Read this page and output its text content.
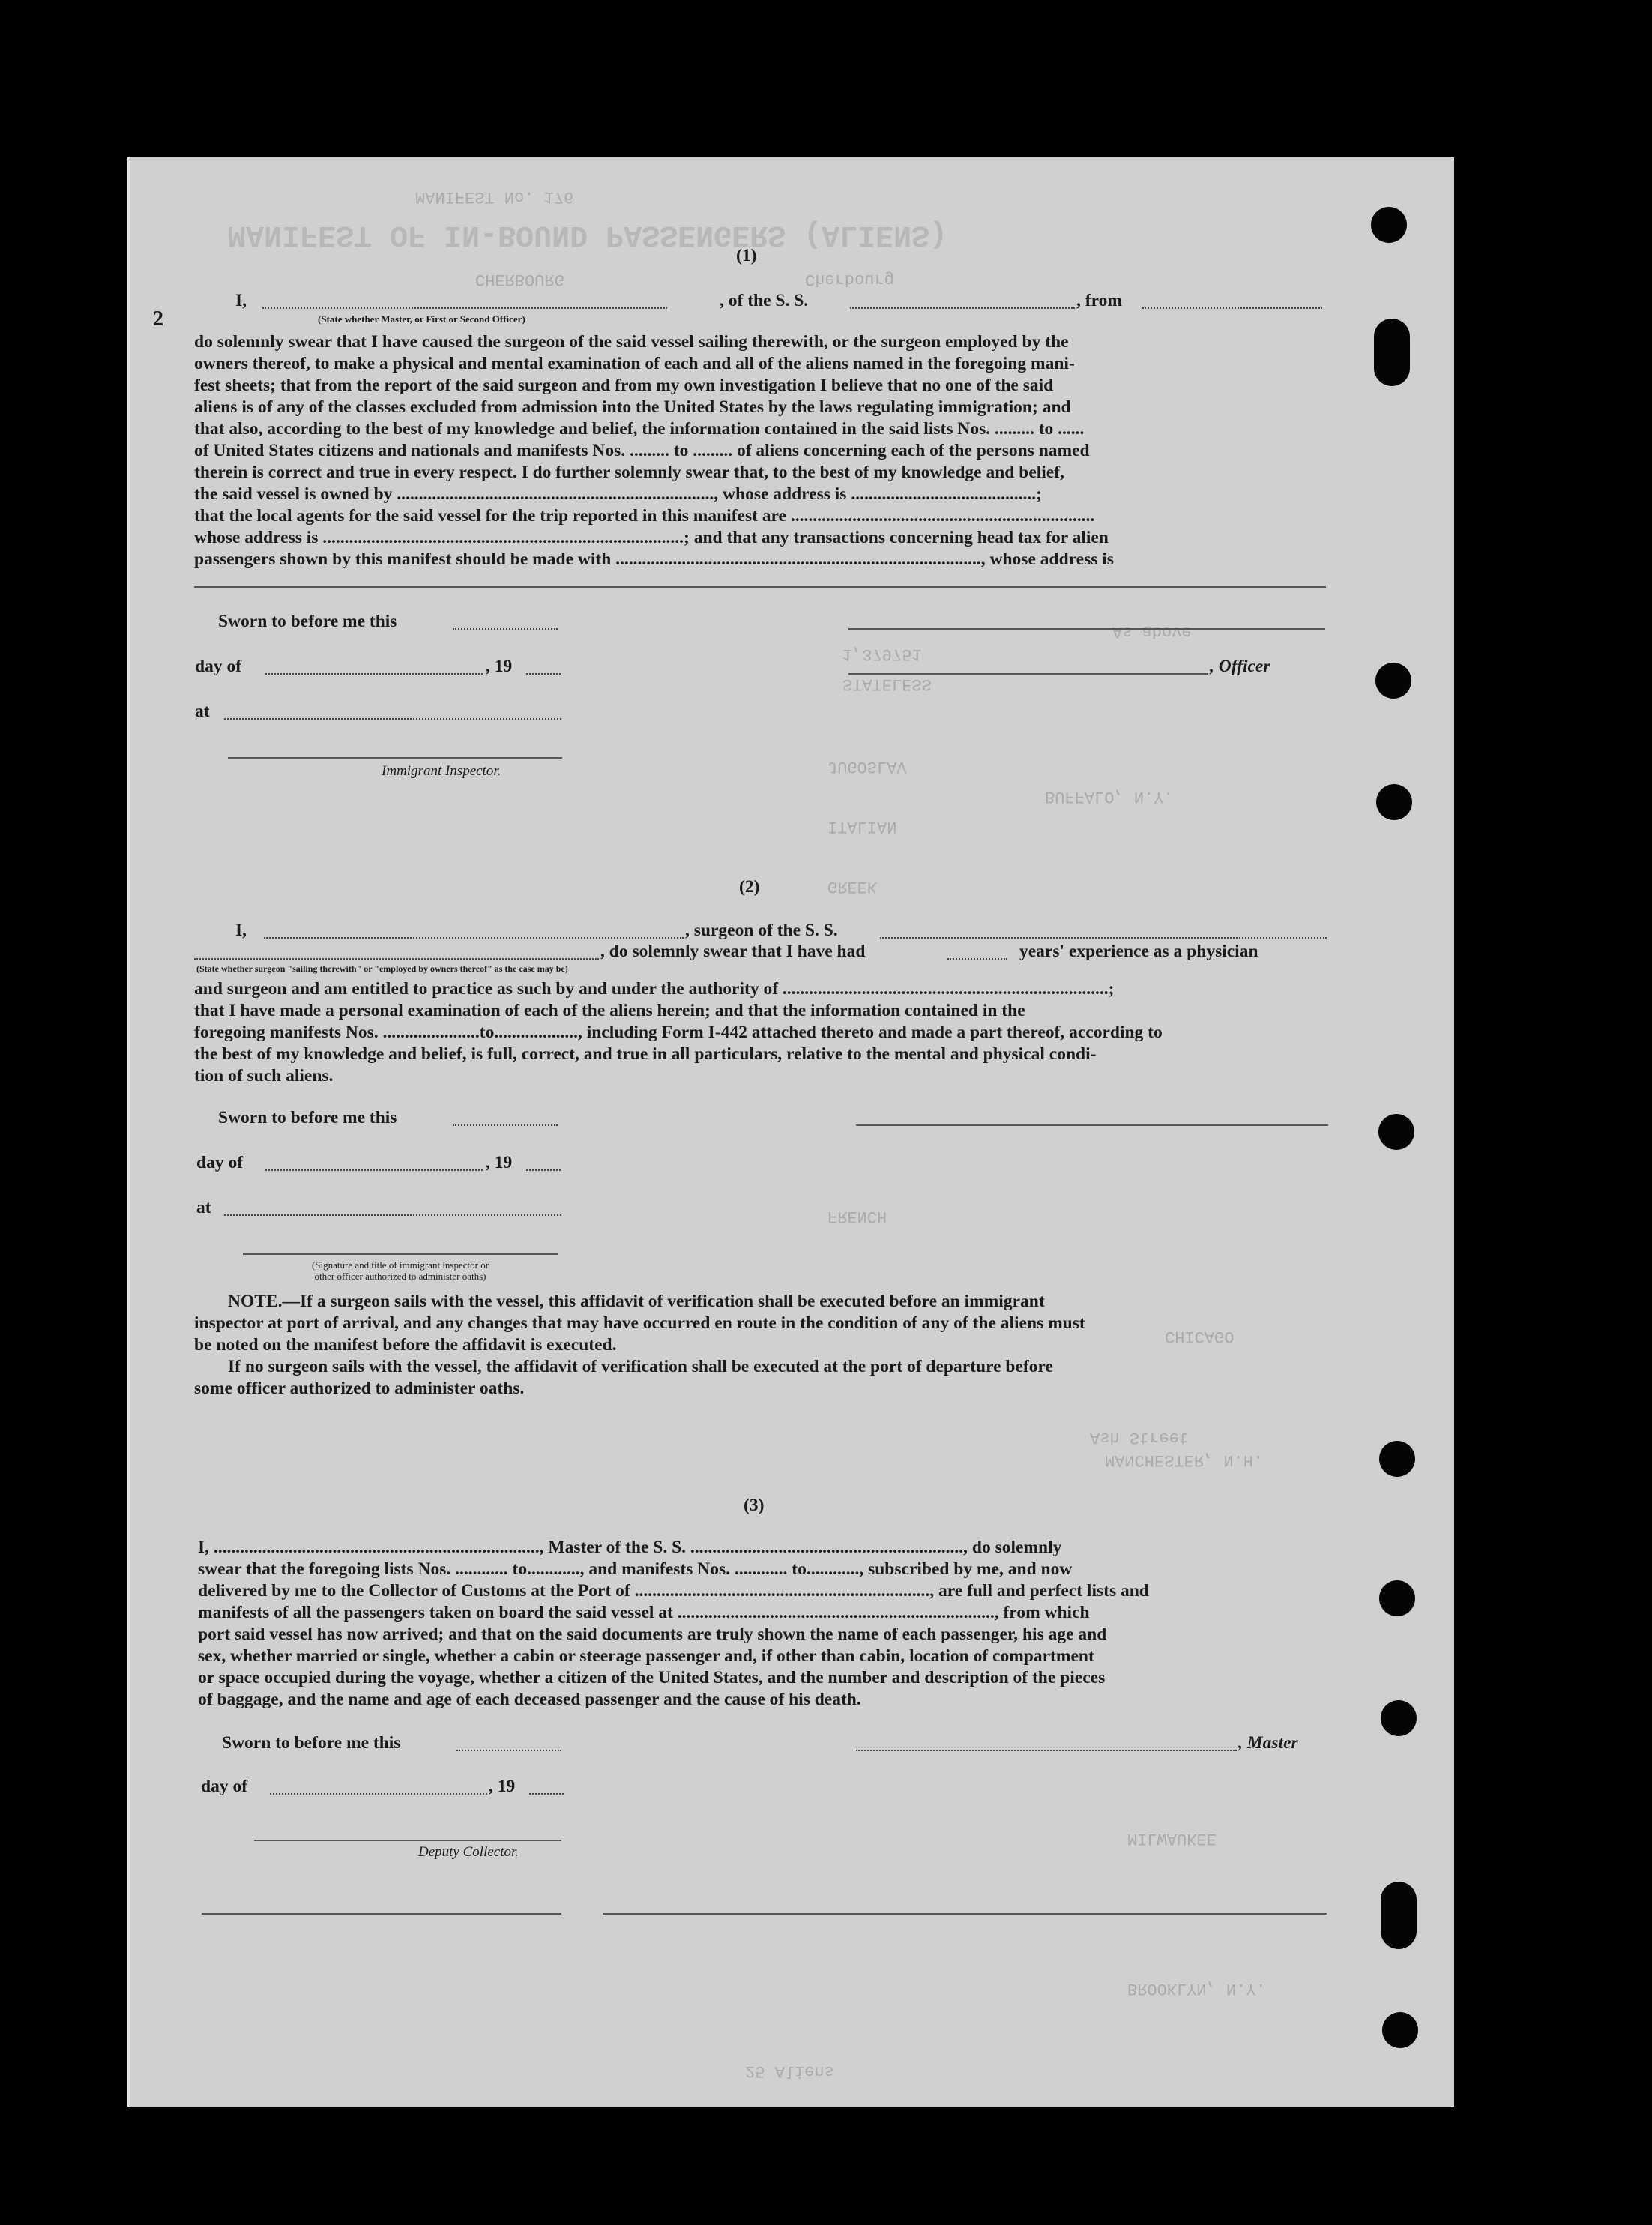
MANIFEST OF IN-BOUND PASSENGERS (ALIENS)
CHERBOURG
MANIFEST No. 176
Cherbourg
1,379751
STATELESS
As above
JUGOSLAV
ITALIAN
GREEK
FRENCH
CHICAGO
BUFFALO, N.Y.
Ash Street
MANCHESTER, N.H.
MILWAUKEE
BROOKLYN, N.Y.
25 Aliens
2
(1)
I,	, of the S. S.	, from
(State whether Master, or First or Second Officer)
do solemnly swear that I have caused the surgeon of the said vessel sailing therewith, or the surgeon employed by the
owners thereof, to make a physical and mental examination of each and all of the aliens named in the foregoing mani-
fest sheets; that from the report of the said surgeon and from my own investigation I believe that no one of the said
aliens is of any of the classes excluded from admission into the United States by the laws regulating immigration; and
that also, according to the best of my knowledge and belief, the information contained in the said lists Nos. ......... to ......
of United States citizens and nationals and manifests Nos. ......... to ......... of aliens concerning each of the persons named
therein is correct and true in every respect. I do further solemnly swear that, to the best of my knowledge and belief,
the said vessel is owned by ........................................................................, whose address is ..........................................;
that the local agents for the said vessel for the trip reported in this manifest are .....................................................................
whose address is ..................................................................................; and that any transactions concerning head tax for alien
passengers shown by this manifest should be made with ..................................................................................., whose address is
Sworn to before me this
day of	, 19	, Officer
at
Immigrant Inspector.
(2)
I,	, surgeon of the S. S.
, do solemnly swear that I have had	years' experience as a physician
(State whether surgeon "sailing therewith" or "employed by owners thereof" as the case may be)
and surgeon and am entitled to practice as such by and under the authority of ..........................................................................;
that I have made a personal examination of each of the aliens herein; and that the information contained in the
foregoing manifests Nos. ......................to..................., including Form I-442 attached thereto and made a part thereof, according to
the best of my knowledge and belief, is full, correct, and true in all particulars, relative to the mental and physical condi-
tion of such aliens.
Sworn to before me this
day of	, 19
at
(Signature and title of immigrant inspector or
other officer authorized to administer oaths)
NOTE.—If a surgeon sails with the vessel, this affidavit of verification shall be executed before an immigrant
inspector at port of arrival, and any changes that may have occurred en route in the condition of any of the aliens must
be noted on the manifest before the affidavit is executed.
If no surgeon sails with the vessel, the affidavit of verification shall be executed at the port of departure before
some officer authorized to administer oaths.
(3)
I, .........................................................................., Master of the S. S. .............................................................., do solemnly
swear that the foregoing lists Nos. ............ to............, and manifests Nos. ............ to............, subscribed by me, and now
delivered by me to the Collector of Customs at the Port of ..................................................................., are full and perfect lists and
manifests of all the passengers taken on board the said vessel at ........................................................................, from which
port said vessel has now arrived; and that on the said documents are truly shown the name of each passenger, his age and
sex, whether married or single, whether a cabin or steerage passenger and, if other than cabin, location of compartment
or space occupied during the voyage, whether a citizen of the United States, and the number and description of the pieces
of baggage, and the name and age of each deceased passenger and the cause of his death.
Sworn to before me this	, Master
day of	, 19
Deputy Collector.
